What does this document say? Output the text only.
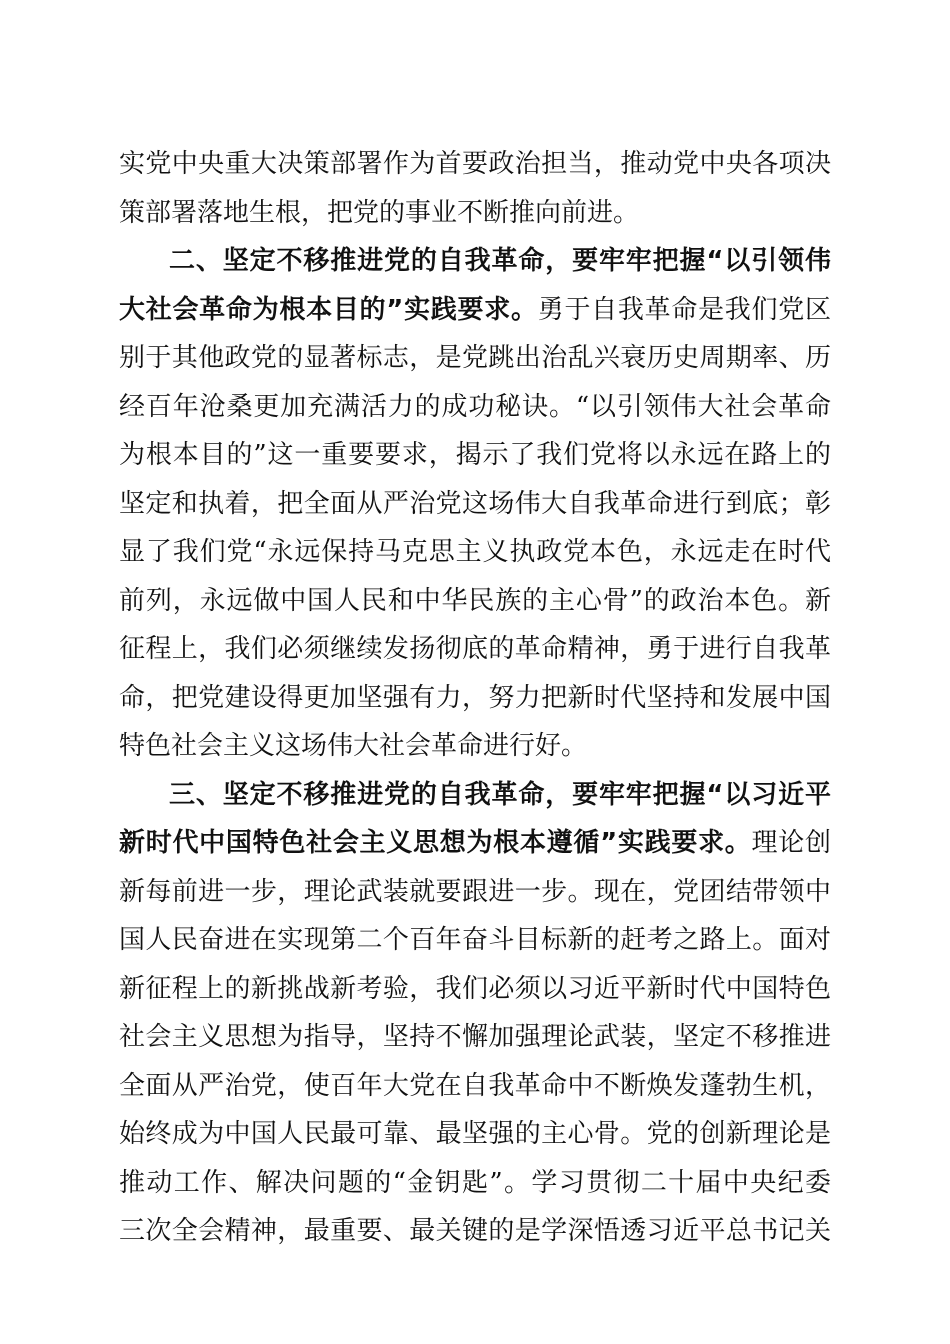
实党中央重大决策部署作为首要政治担当，推动党中央各项决
策部署落地生根，把党的事业不断推向前进。
二、坚定不移推进党的自我革命，要牢牢把握“以引领伟
大社会革命为根本目的”实践要求。勇于自我革命是我们党区
别于其他政党的显著标志，是党跳出治乱兴衰历史周期率、历
经百年沧桑更加充满活力的成功秘诀。“以引领伟大社会革命
为根本目的”这一重要要求，揭示了我们党将以永远在路上的
坚定和执着，把全面从严治党这场伟大自我革命进行到底；彰
显了我们党“永远保持马克思主义执政党本色，永远走在时代
前列，永远做中国人民和中华民族的主心骨”的政治本色。新
征程上，我们必须继续发扬彻底的革命精神，勇于进行自我革
命，把党建设得更加坚强有力，努力把新时代坚持和发展中国
特色社会主义这场伟大社会革命进行好。
三、坚定不移推进党的自我革命，要牢牢把握“以习近平
新时代中国特色社会主义思想为根本遵循”实践要求。理论创
新每前进一步，理论武装就要跟进一步。现在，党团结带领中
国人民奋进在实现第二个百年奋斗目标新的赶考之路上。面对
新征程上的新挑战新考验，我们必须以习近平新时代中国特色
社会主义思想为指导，坚持不懈加强理论武装，坚定不移推进
全面从严治党，使百年大党在自我革命中不断焕发蓬勃生机，
始终成为中国人民最可靠、最坚强的主心骨。党的创新理论是
推动工作、解决问题的“金钥匙”。学习贯彻二十届中央纪委
三次全会精神，最重要、最关键的是学深悟透习近平总书记关
